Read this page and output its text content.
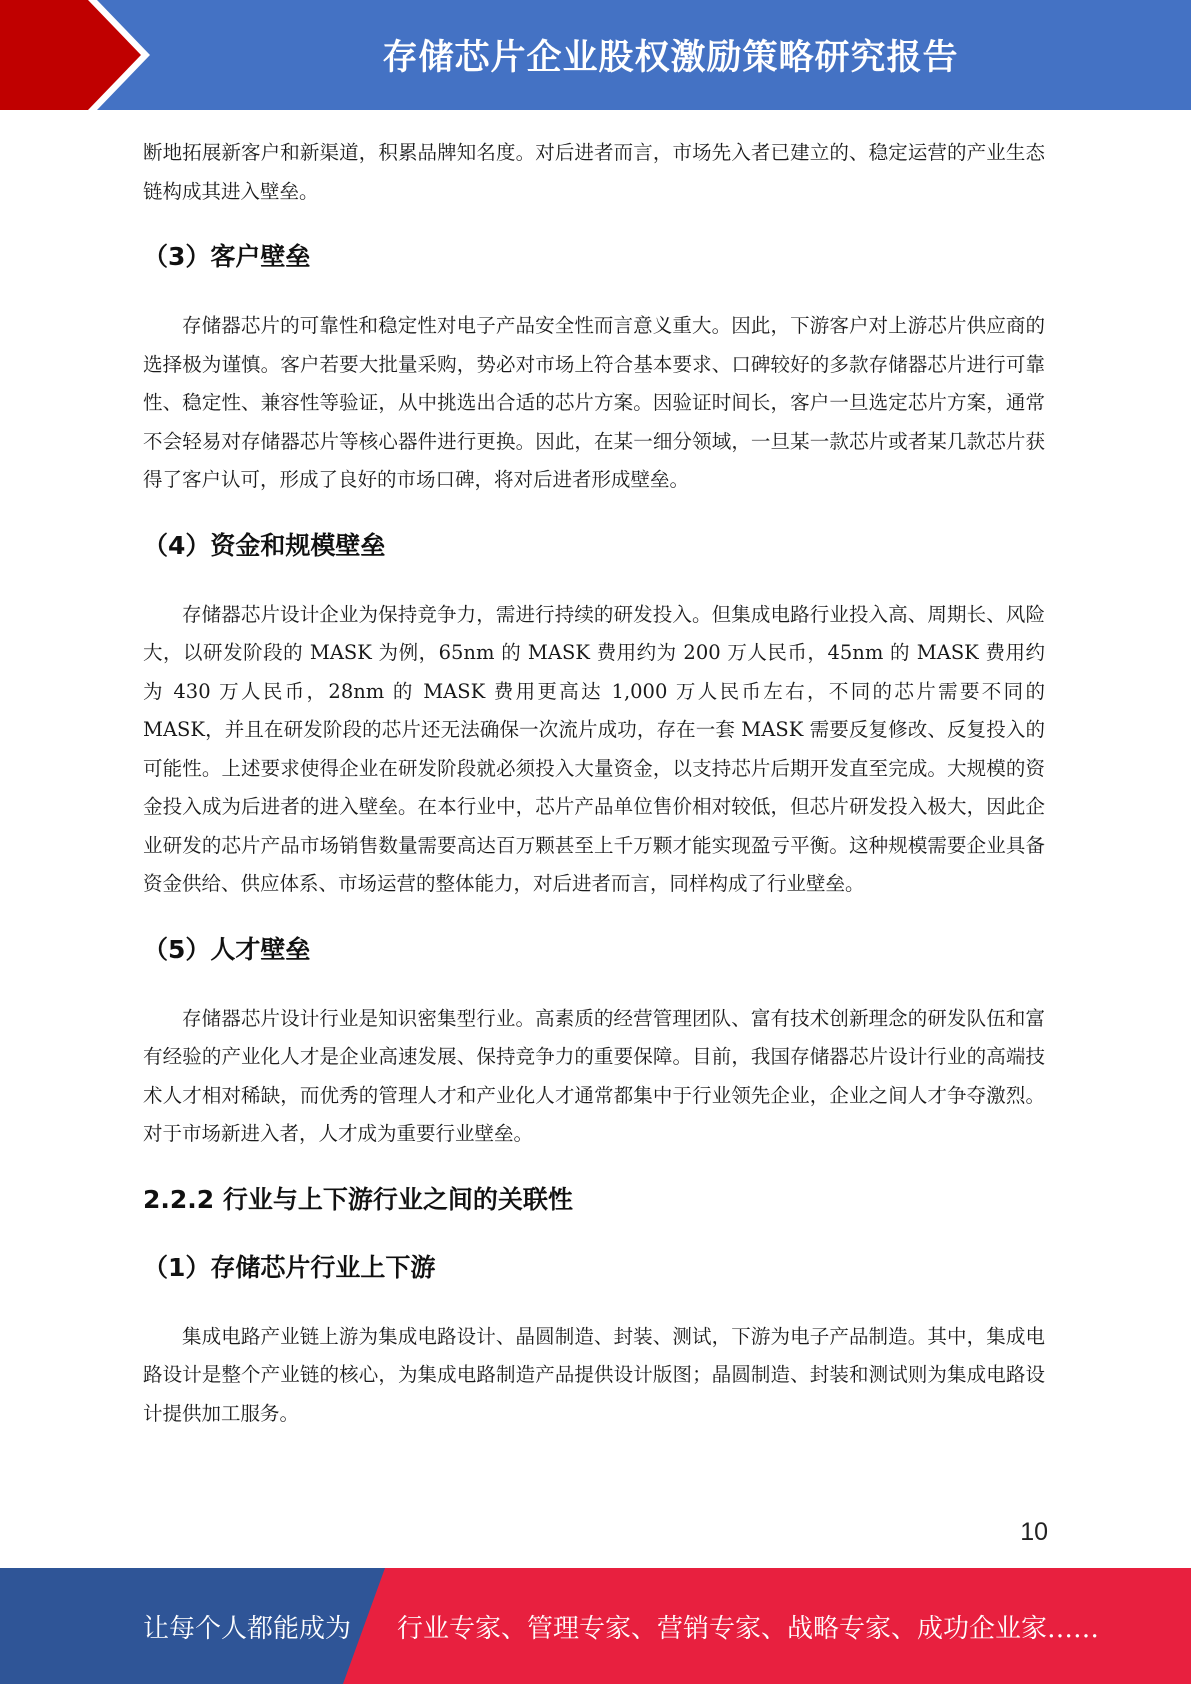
存储芯片企业股权激励策略研究报告

断地拓展新客户和新渠道，积累品牌知名度。对后进者而言，市场先入者已建立的、稳定运营的产业生态链构成其进入壁垒。

（3）客户壁垒

存储器芯片的可靠性和稳定性对电子产品安全性而言意义重大。因此，下游客户对上游芯片供应商的选择极为谨慎。客户若要大批量采购，势必对市场上符合基本要求、口碑较好的多款存储器芯片进行可靠性、稳定性、兼容性等验证，从中挑选出合适的芯片方案。因验证时间长，客户一旦选定芯片方案，通常不会轻易对存储器芯片等核心器件进行更换。因此，在某一细分领域，一旦某一款芯片或者某几款芯片获得了客户认可，形成了良好的市场口碑，将对后进者形成壁垒。

（4）资金和规模壁垒

存储器芯片设计企业为保持竞争力，需进行持续的研发投入。但集成电路行业投入高、周期长、风险大，以研发阶段的 MASK 为例，65nm 的 MASK 费用约为 200 万人民币，45nm 的 MASK 费用约为 430 万人民币，28nm 的 MASK 费用更高达 1,000 万人民币左右，不同的芯片需要不同的 MASK，并且在研发阶段的芯片还无法确保一次流片成功，存在一套 MASK 需要反复修改、反复投入的可能性。上述要求使得企业在研发阶段就必须投入大量资金，以支持芯片后期开发直至完成。大规模的资金投入成为后进者的进入壁垒。在本行业中，芯片产品单位售价相对较低，但芯片研发投入极大，因此企业研发的芯片产品市场销售数量需要高达百万颗甚至上千万颗才能实现盈亏平衡。这种规模需要企业具备资金供给、供应体系、市场运营的整体能力，对后进者而言，同样构成了行业壁垒。

（5）人才壁垒

存储器芯片设计行业是知识密集型行业。高素质的经营管理团队、富有技术创新理念的研发队伍和富有经验的产业化人才是企业高速发展、保持竞争力的重要保障。目前，我国存储器芯片设计行业的高端技术人才相对稀缺，而优秀的管理人才和产业化人才通常都集中于行业领先企业，企业之间人才争夺激烈。对于市场新进入者，人才成为重要行业壁垒。

2.2.2 行业与上下游行业之间的关联性
（1）存储芯片行业上下游

集成电路产业链上游为集成电路设计、晶圆制造、封装、测试，下游为电子产品制造。其中，集成电路设计是整个产业链的核心，为集成电路制造产品提供设计版图；晶圆制造、封装和测试则为集成电路设计提供加工服务。

10
让每个人都能成为 行业专家、管理专家、营销专家、战略专家、成功企业家……
